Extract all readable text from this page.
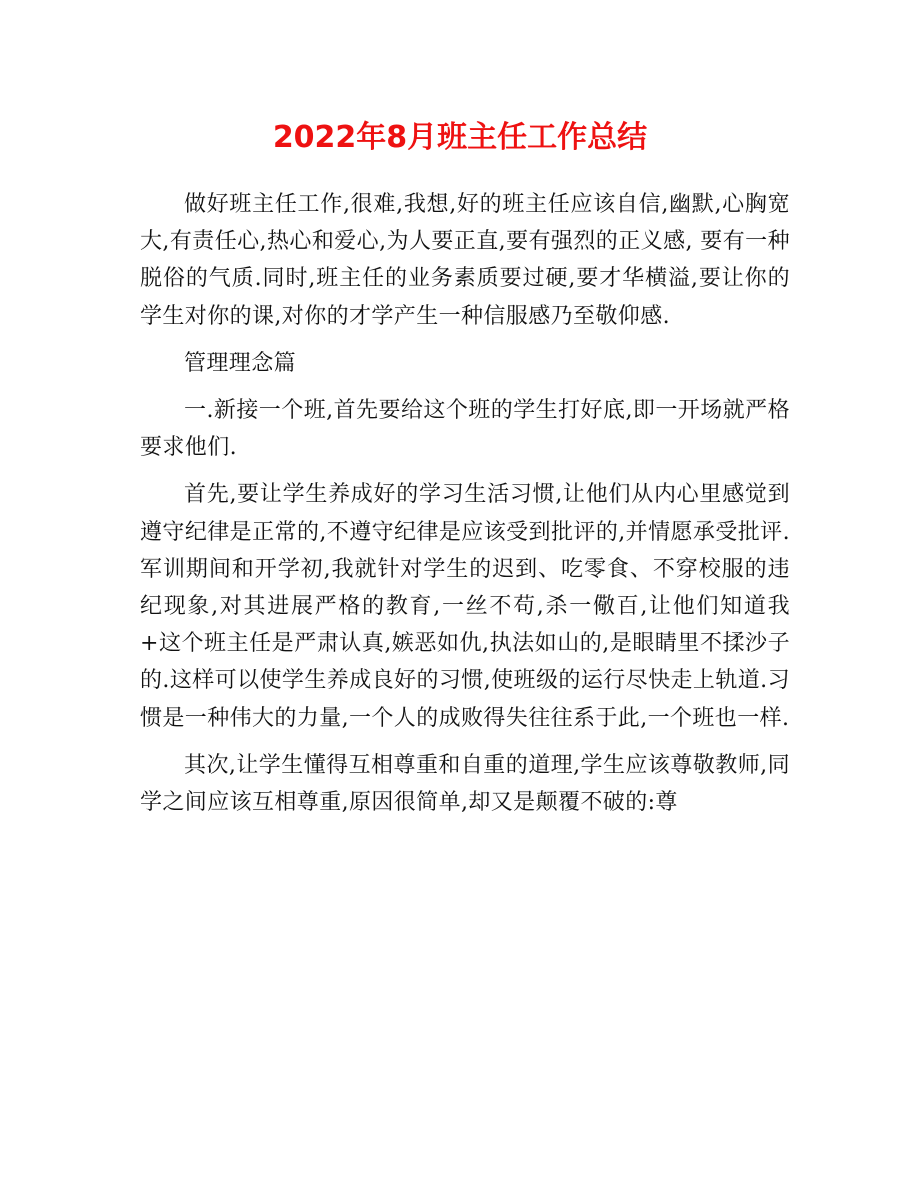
2022年8月班主任工作总结

做好班主任工作,很难,我想,好的班主任应该自信,幽默,心胸宽大,有责任心,热心和爱心,为人要正直,要有强烈的正义感, 要有一种脱俗的气质.同时,班主任的业务素质要过硬,要才华横溢,要让你的学生对你的课,对你的才学产生一种信服感乃至敬仰感.

管理理念篇

一.新接一个班,首先要给这个班的学生打好底,即一开场就严格要求他们.

首先,要让学生养成好的学习生活习惯,让他们从内心里感觉到遵守纪律是正常的,不遵守纪律是应该受到批评的,并情愿承受批评.军训期间和开学初,我就针对学生的迟到、吃零食、不穿校服的违纪现象,对其进展严格的教育,一丝不苟,杀一儆百,让他们知道我+这个班主任是严肃认真,嫉恶如仇,执法如山的,是眼睛里不揉沙子的.这样可以使学生养成良好的习惯,使班级的运行尽快走上轨道.习惯是一种伟大的力量,一个人的成败得失往往系于此,一个班也一样.

其次,让学生懂得互相尊重和自重的道理,学生应该尊敬教师,同学之间应该互相尊重,原因很简单,却又是颠覆不破的:尊
